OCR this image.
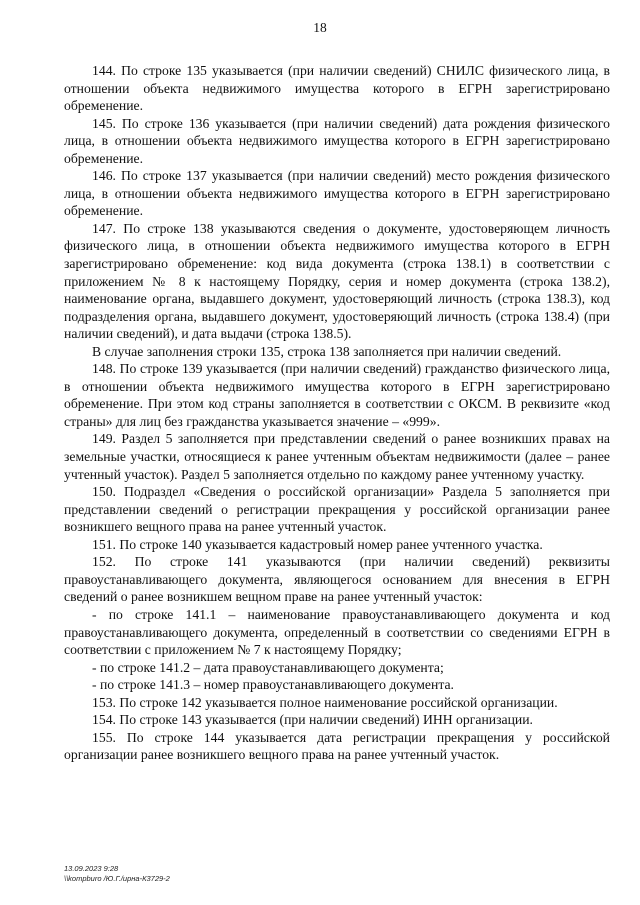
18

144. По строке 135 указывается (при наличии сведений) СНИЛС физического лица, в отношении объекта недвижимого имущества которого в ЕГРН зарегистрировано обременение.

145. По строке 136 указывается (при наличии сведений) дата рождения физического лица, в отношении объекта недвижимого имущества которого в ЕГРН зарегистрировано обременение.

146. По строке 137 указывается (при наличии сведений) место рождения физического лица, в отношении объекта недвижимого имущества которого в ЕГРН зарегистрировано обременение.

147. По строке 138 указываются сведения о документе, удостоверяющем личность физического лица, в отношении объекта недвижимого имущества которого в ЕГРН зарегистрировано обременение: код вида документа (строка 138.1) в соответствии с приложением № 8 к настоящему Порядку, серия и номер документа (строка 138.2), наименование органа, выдавшего документ, удостоверяющий личность (строка 138.3), код подразделения органа, выдавшего документ, удостоверяющий личность (строка 138.4) (при наличии сведений), и дата выдачи (строка 138.5).

В случае заполнения строки 135, строка 138 заполняется при наличии сведений.

148. По строке 139 указывается (при наличии сведений) гражданство физического лица, в отношении объекта недвижимого имущества которого в ЕГРН зарегистрировано обременение. При этом код страны заполняется в соответствии с ОКСМ. В реквизите «код страны» для лиц без гражданства указывается значение – «999».

149. Раздел 5 заполняется при представлении сведений о ранее возникших правах на земельные участки, относящиеся к ранее учтенным объектам недвижимости (далее – ранее учтенный участок). Раздел 5 заполняется отдельно по каждому ранее учтенному участку.

150. Подраздел «Сведения о российской организации» Раздела 5 заполняется при представлении сведений о регистрации прекращения у российской организации ранее возникшего вещного права на ранее учтенный участок.

151. По строке 140 указывается кадастровый номер ранее учтенного участка.

152. По строке 141 указываются (при наличии сведений) реквизиты правоустанавливающего документа, являющегося основанием для внесения в ЕГРН сведений о ранее возникшем вещном праве на ранее учтенный участок:

- по строке 141.1 – наименование правоустанавливающего документа и код правоустанавливающего документа, определенный в соответствии со сведениями ЕГРН в соответствии с приложением № 7 к настоящему Порядку;

- по строке 141.2 – дата правоустанавливающего документа;

- по строке 141.3 – номер правоустанавливающего документа.

153. По строке 142 указывается полное наименование российской организации.

154. По строке 143 указывается (при наличии сведений) ИНН организации.

155. По строке 144 указывается дата регистрации прекращения у российской организации ранее возникшего вещного права на ранее учтенный участок.

13.09.2023 9:28
\\kompburo /Ю.Г./ирна-К3729-2
